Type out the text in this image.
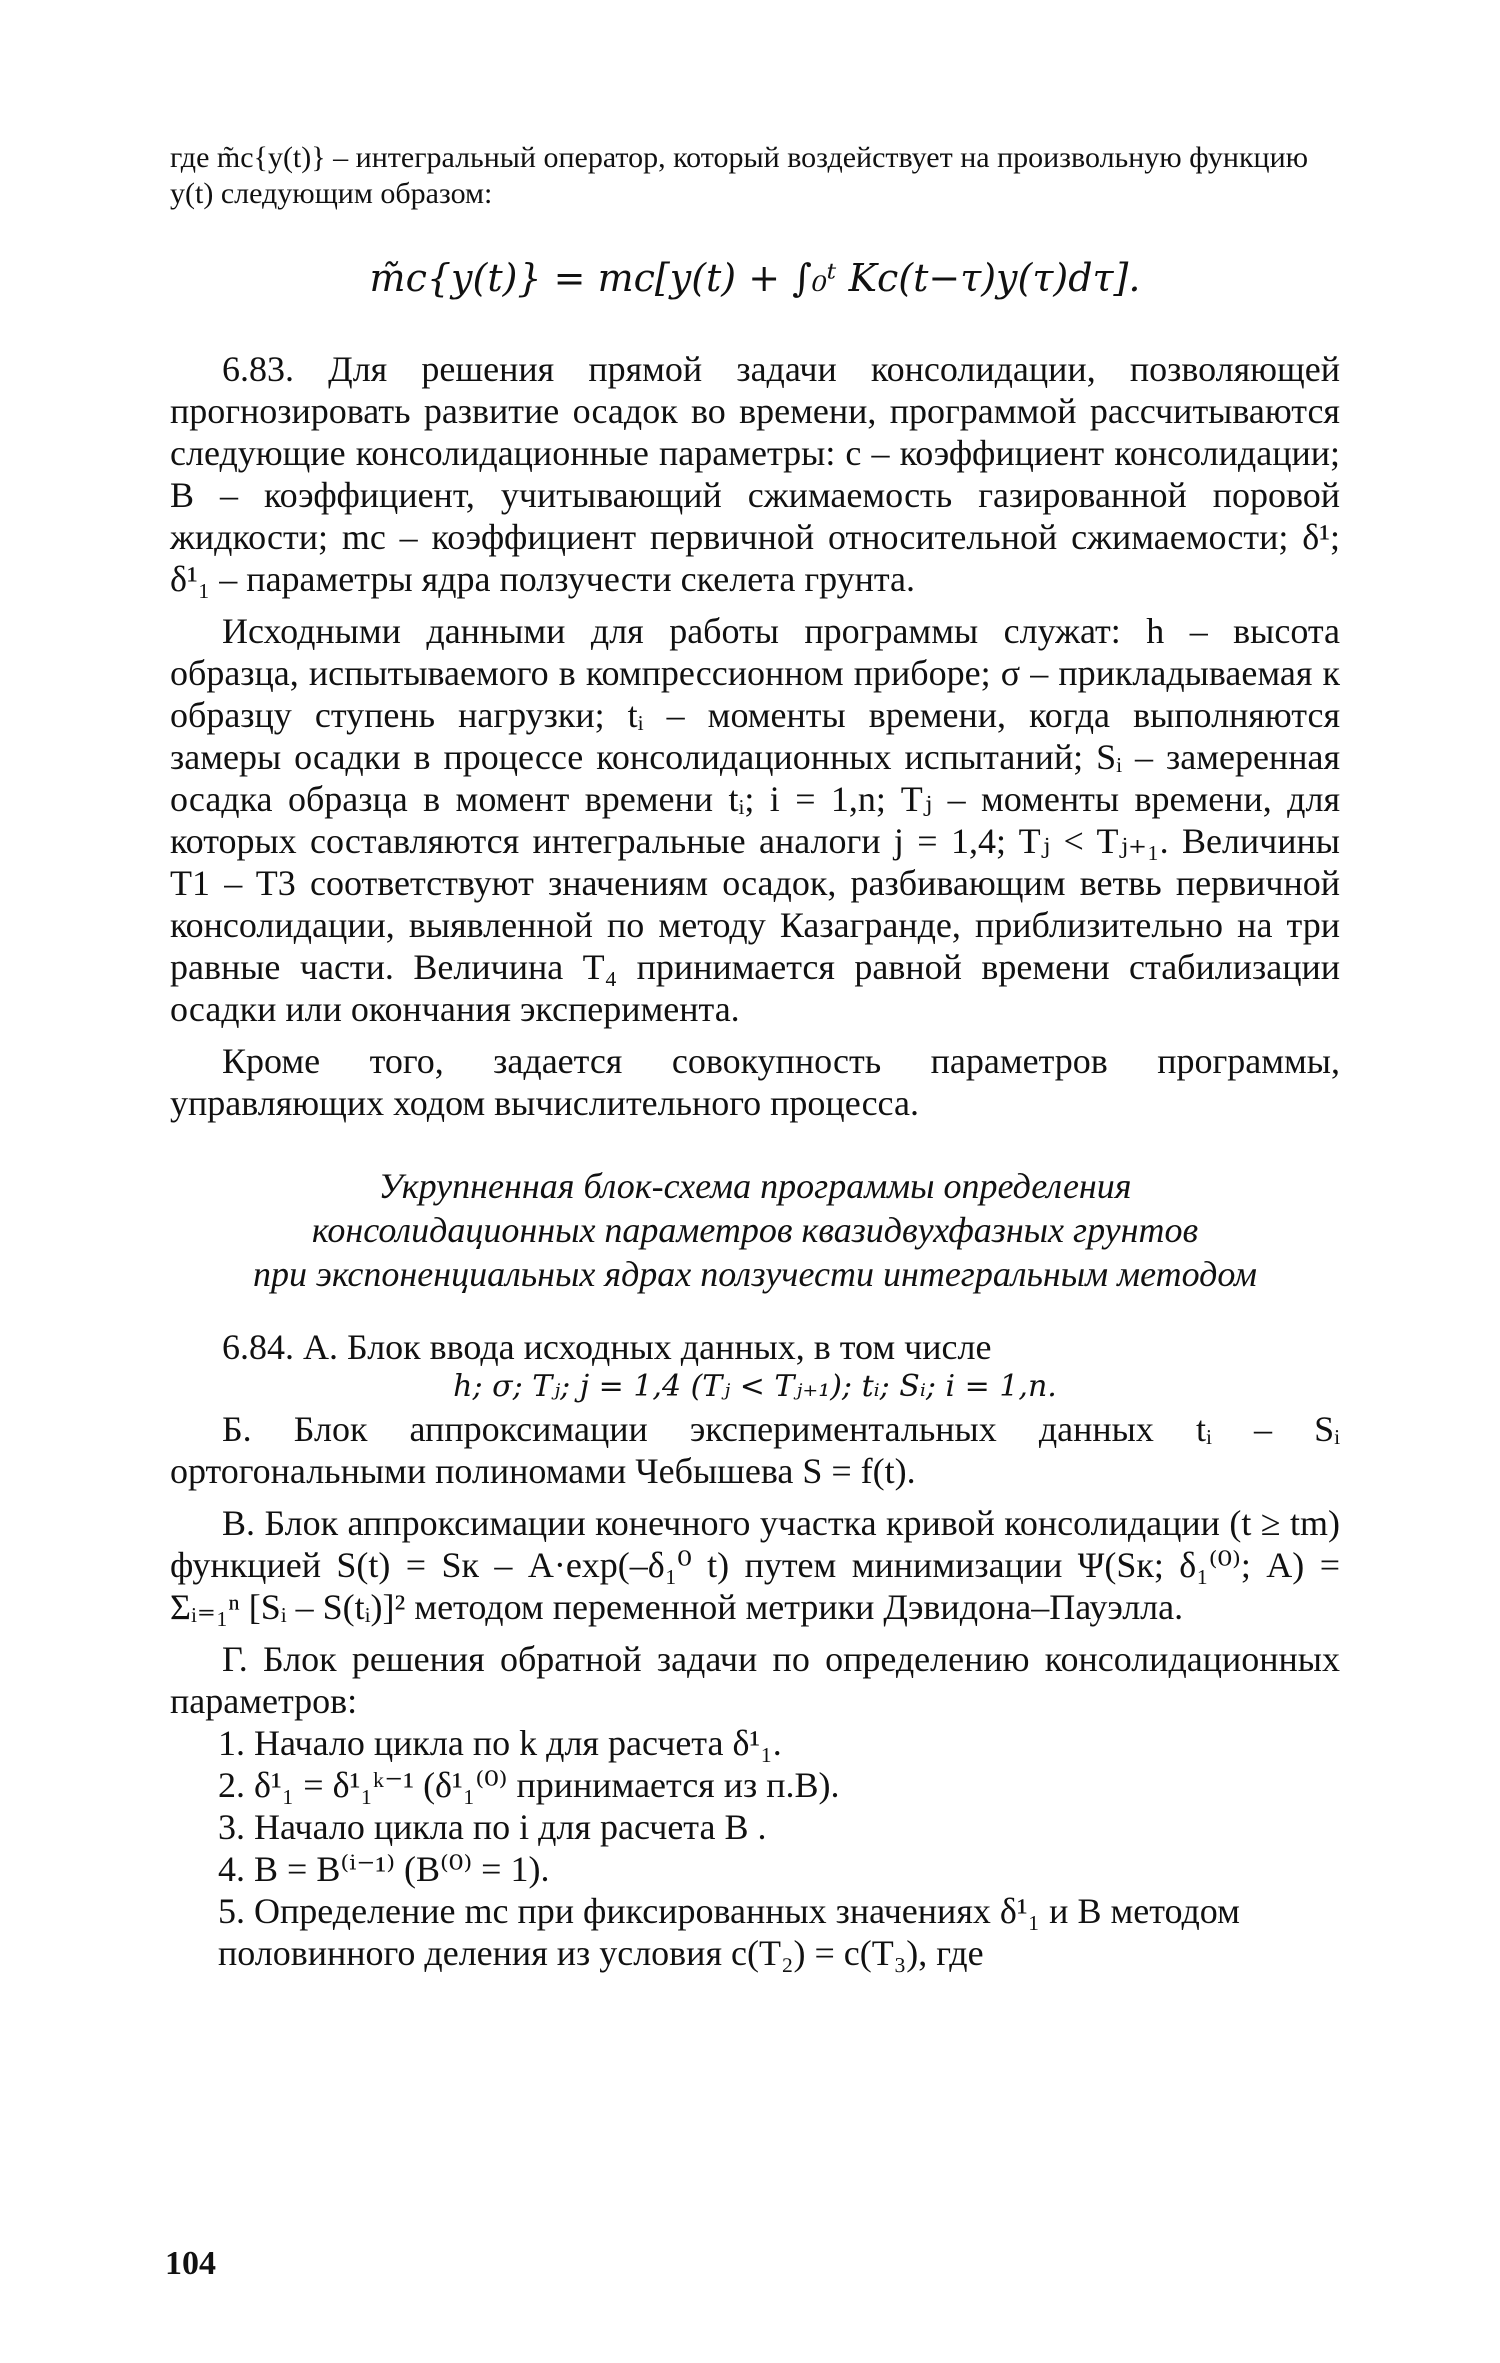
где m̃с{y(t)} – интегральный оператор, который воздействует на произвольную функцию y(t) следующим образом:

m̃с{y(t)} = mс[y(t) + ∫₀ᵗ Kс(t−τ)y(τ)dτ].

6.83. Для решения прямой задачи консолидации, позволяющей прогнозировать развитие осадок во времени, программой рассчитываются следующие консолидационные параметры: c – коэффициент консолидации; B – коэффициент, учитывающий сжимаемость газированной поровой жидкости; mс – коэффициент первичной относительной сжимаемости; δ¹; δ¹₁ – параметры ядра ползучести скелета грунта.

Исходными данными для работы программы служат: h – высота образца, испытываемого в компрессионном приборе; σ – прикладываемая к образцу ступень нагрузки; tᵢ – моменты времени, когда выполняются замеры осадки в процессе консолидационных испытаний; Sᵢ – замеренная осадка образца в момент времени tᵢ; i = 1,n; Tⱼ – моменты времени, для которых составляются интегральные аналоги j = 1,4; Tⱼ < Tⱼ₊₁. Величины T1 – T3 соответствуют значениям осадок, разбивающим ветвь первичной консолидации, выявленной по методу Казагранде, приблизительно на три равные части. Величина T₄ принимается равной времени стабилизации осадки или окончания эксперимента.

Кроме того, задается совокупность параметров программы, управляющих ходом вычислительного процесса.

Укрупненная блок-схема программы определения
консолидационных параметров квазидвухфазных грунтов
при экспоненциальных ядрах ползучести интегральным методом

6.84. А. Блок ввода исходных данных, в том числе

h; σ; Tⱼ; j = 1,4 (Tⱼ < Tⱼ₊₁); tᵢ; Sᵢ; i = 1,n.

Б. Блок аппроксимации экспериментальных данных tᵢ – Sᵢ ортогональными полиномами Чебышева S = f(t).

В. Блок аппроксимации конечного участка кривой консолидации (t ≥ tm) функцией S(t) = Sк – A·exp(–δ₁⁰ t) путем минимизации Ψ(Sк; δ₁⁽⁰⁾; A) = Σᵢ₌₁ⁿ [Sᵢ – S(tᵢ)]² методом переменной метрики Дэвидона–Пауэлла.

Г. Блок решения обратной задачи по определению консолидационных параметров:

1. Начало цикла по k для расчета δ¹₁.

2. δ¹₁ = δ¹₁ᵏ⁻¹ (δ¹₁⁽⁰⁾ принимается из п.В).

3. Начало цикла по i для расчета B .

4. B = B⁽ⁱ⁻¹⁾ (B⁽⁰⁾ = 1).

5. Определение mс при фиксированных значениях δ¹₁ и B методом половинного деления из условия c(T₂) = c(T₃), где

104
